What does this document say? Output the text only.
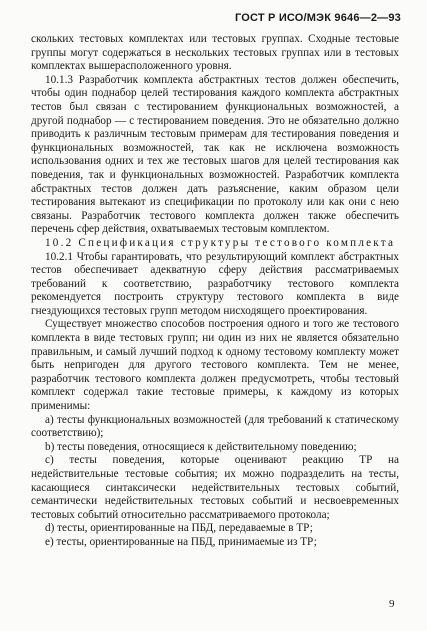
ГОСТ Р ИСО/МЭК 9646—2—93

скольких тестовых комплектах или тестовых группах. Сходные тестовые группы могут содержаться в нескольких тестовых группах или в тестовых комплектах вышерасположенного уровня.

10.1.3 Разработчик комплекта абстрактных тестов должен обеспечить, чтобы один поднабор целей тестирования каждого комплекта абстрактных тестов был связан с тестированием функциональных возможностей, а другой поднабор — с тестированием поведения. Это не обязательно должно приводить к различным тестовым примерам для тестирования поведения и функциональных возможностей, так как не исключена возможность использования одних и тех же тестовых шагов для целей тестирования как поведения, так и функциональных возможностей. Разработчик комплекта абстрактных тестов должен дать разъяснение, каким образом цели тестирования вытекают из спецификации по протоколу или как они с нею связаны. Разработчик тестового комплекта должен также обеспечить перечень сфер действия, охватываемых тестовым комплектом.

10.2 Спецификация структуры тестового комплекта

10.2.1 Чтобы гарантировать, что результирующий комплект абстрактных тестов обеспечивает адекватную сферу действия рассматриваемых требований к соответствию, разработчику тестового комплекта рекомендуется построить структуру тестового комплекта в виде гнездующихся тестовых групп методом нисходящего проектирования.

Существует множество способов построения одного и того же тестового комплекта в виде тестовых групп; ни один из них не является обязательно правильным, и самый лучший подход к одному тестовому комплекту может быть непригоден для другого тестового комплекта. Тем не менее, разработчик тестового комплекта должен предусмотреть, чтобы тестовый комплект содержал такие тестовые примеры, к каждому из которых применимы:

a) тесты функциональных возможностей (для требований к статическому соответствию);

b) тесты поведения, относящиеся к действительному поведению;

c) тесты поведения, которые оценивают реакцию ТР на недействительные тестовые события; их можно подразделить на тесты, касающиеся синтаксически недействительных тестовых событий, семантически недействительных тестовых событий и несвоевременных тестовых событий относительно рассматриваемого протокола;

d) тесты, ориентированные на ПБД, передаваемые в ТР;

e) тесты, ориентированные на ПБД, принимаемые из ТР;

9
